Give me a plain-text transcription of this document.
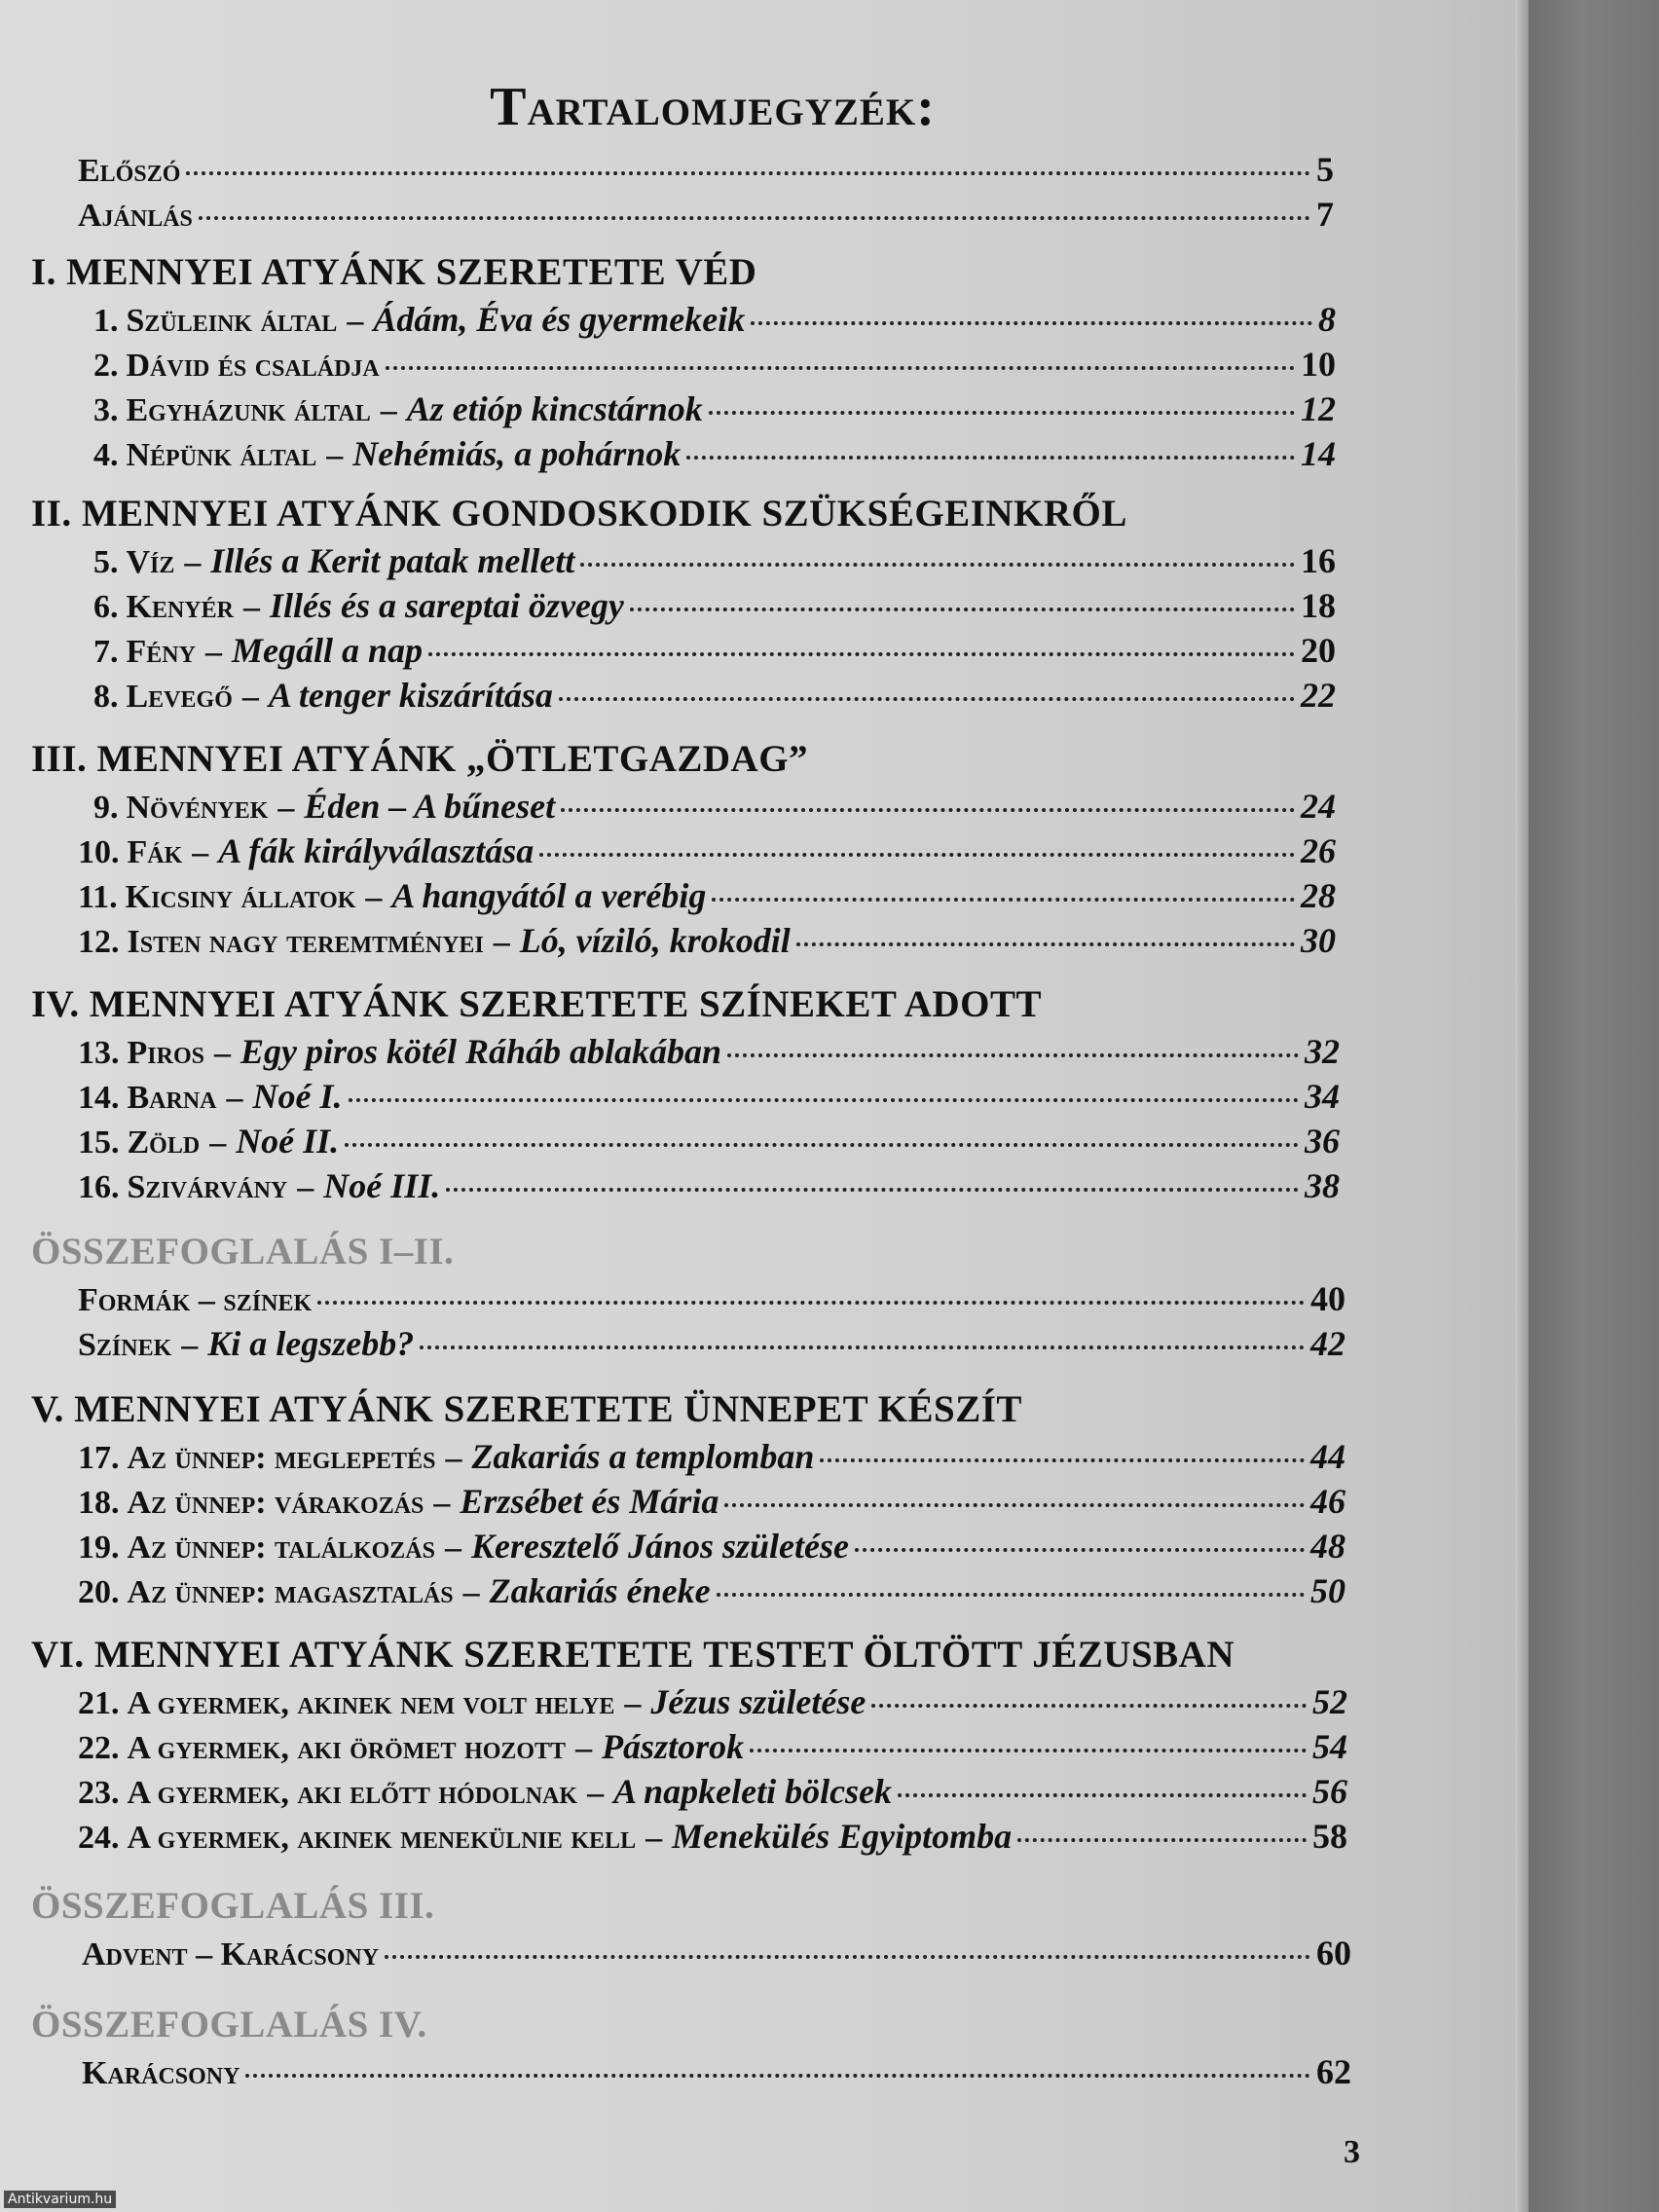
Tartalomjegyzék:
Előszó	5
Ajánlás	7
I. MENNYEI ATYÁNK SZERETETE VÉD
1. Szüleink által – Ádám, Éva és gyermekeik	8
2. Dávid és családja	10
3. Egyházunk által – Az etióp kincstárnok	12
4. Népünk által – Nehémiás, a pohárnok	14
II. MENNYEI ATYÁNK GONDOSKODIK SZÜKSÉGEINKRŐL
5. Víz – Illés a Kerit patak mellett	16
6. Kenyér – Illés és a sareptai özvegy	18
7. Fény – Megáll a nap	20
8. Levegő – A tenger kiszárítása	22
III. MENNYEI ATYÁNK „ÖTLETGAZDAG”
9. Növények – Éden – A bűneset	24
10. Fák – A fák királyválasztása	26
11. Kicsiny állatok – A hangyától a verébig	28
12. Isten nagy teremtményei – Ló, víziló, krokodil	30
IV. MENNYEI ATYÁNK SZERETETE SZÍNEKET ADOTT
13. Piros – Egy piros kötél Ráháb ablakában	32
14. Barna – Noé I.	34
15. Zöld – Noé II.	36
16. Szivárvány – Noé III.	38
ÖSSZEFOGLALÁS I–II.
Formák – színek	40
Színek – Ki a legszebb?	42
V. MENNYEI ATYÁNK SZERETETE ÜNNEPET KÉSZÍT
17. Az ünnep: meglepetés – Zakariás a templomban	44
18. Az ünnep: várakozás – Erzsébet és Mária	46
19. Az ünnep: találkozás – Keresztelő János születése	48
20. Az ünnep: magasztalás – Zakariás éneke	50
VI. MENNYEI ATYÁNK SZERETETE TESTET ÖLTÖTT JÉZUSBAN
21. A gyermek, akinek nem volt helye – Jézus születése	52
22. A gyermek, aki örömet hozott – Pásztorok	54
23. A gyermek, aki előtt hódolnak – A napkeleti bölcsek	56
24. A gyermek, akinek menekülnie kell – Menekülés Egyiptomba	58
ÖSSZEFOGLALÁS III.
Advent – Karácsony	60
ÖSSZEFOGLALÁS IV.
Karácsony	62
3
Antikvarium.hu
